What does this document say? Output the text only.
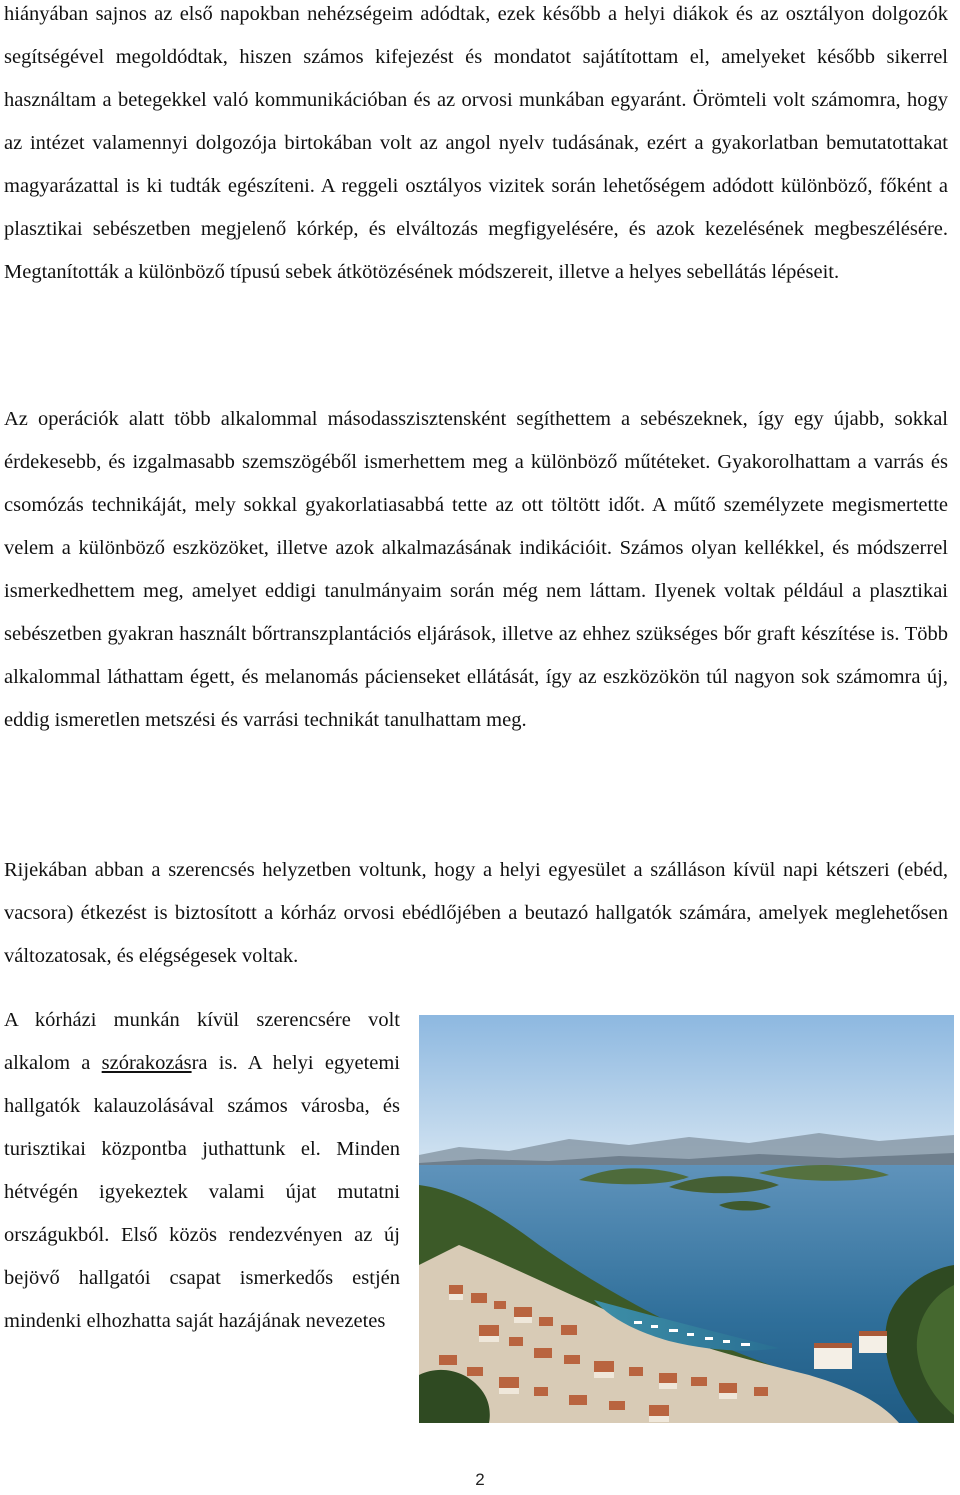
hiányában sajnos az első napokban nehézségeim adódtak, ezek később a helyi diákok és az osztályon dolgozók segítségével megoldódtak, hiszen számos kifejezést és mondatot sajátítottam el, amelyeket később sikerrel használtam a betegekkel való kommunikációban és az orvosi munkában egyaránt. Örömteli volt számomra, hogy az intézet valamennyi dolgozója birtokában volt az angol nyelv tudásának, ezért a gyakorlatban bemutatottakat magyarázattal is ki tudták egészíteni. A reggeli osztályos vizitek során lehetőségem adódott különböző, főként a plasztikai sebészetben megjelenő kórkép, és elváltozás megfigyelésére, és azok kezelésének megbeszélésére. Megtanították a különböző típusú sebek átkötözésének módszereit, illetve a helyes sebellátás lépéseit.

Az operációk alatt több alkalommal másodasszisztensként segíthettem a sebészeknek, így egy újabb, sokkal érdekesebb, és izgalmasabb szemszögéből ismerhettem meg a különböző műtéteket. Gyakorolhattam a varrás és csomózás technikáját, mely sokkal gyakorlatiasabbá tette az ott töltött időt. A műtő személyzete megismertette velem a különböző eszközöket, illetve azok alkalmazásának indikációit. Számos olyan kellékkel, és módszerrel ismerkedhettem meg, amelyet eddigi tanulmányaim során még nem láttam. Ilyenek voltak például a plasztikai sebészetben gyakran használt bőrtranszplantációs eljárások, illetve az ehhez szükséges bőr graft készítése is. Több alkalommal láthattam égett, és melanomás pácienseket ellátását, így az eszközökön túl nagyon sok számomra új, eddig ismeretlen metszési és varrási technikát tanulhattam meg.

Rijekában abban a szerencsés helyzetben voltunk, hogy a helyi egyesület a szálláson kívül napi kétszeri (ebéd, vacsora) étkezést is biztosított a kórház orvosi ebédlőjében a beutazó hallgatók számára, amelyek meglehetősen változatosak, és elégségesek voltak.

A kórházi munkán kívül szerencsére volt alkalom a szórakozásra is. A helyi egyetemi hallgatók kalauzolásával számos városba, és turisztikai központba juthattunk el. Minden hétvégén igyekeztek valami újat mutatni országukból. Első közös rendezvényen az új bejövő hallgatói csapat ismerkedős estjén mindenki elhozhatta saját hazájának nevezetes

2
